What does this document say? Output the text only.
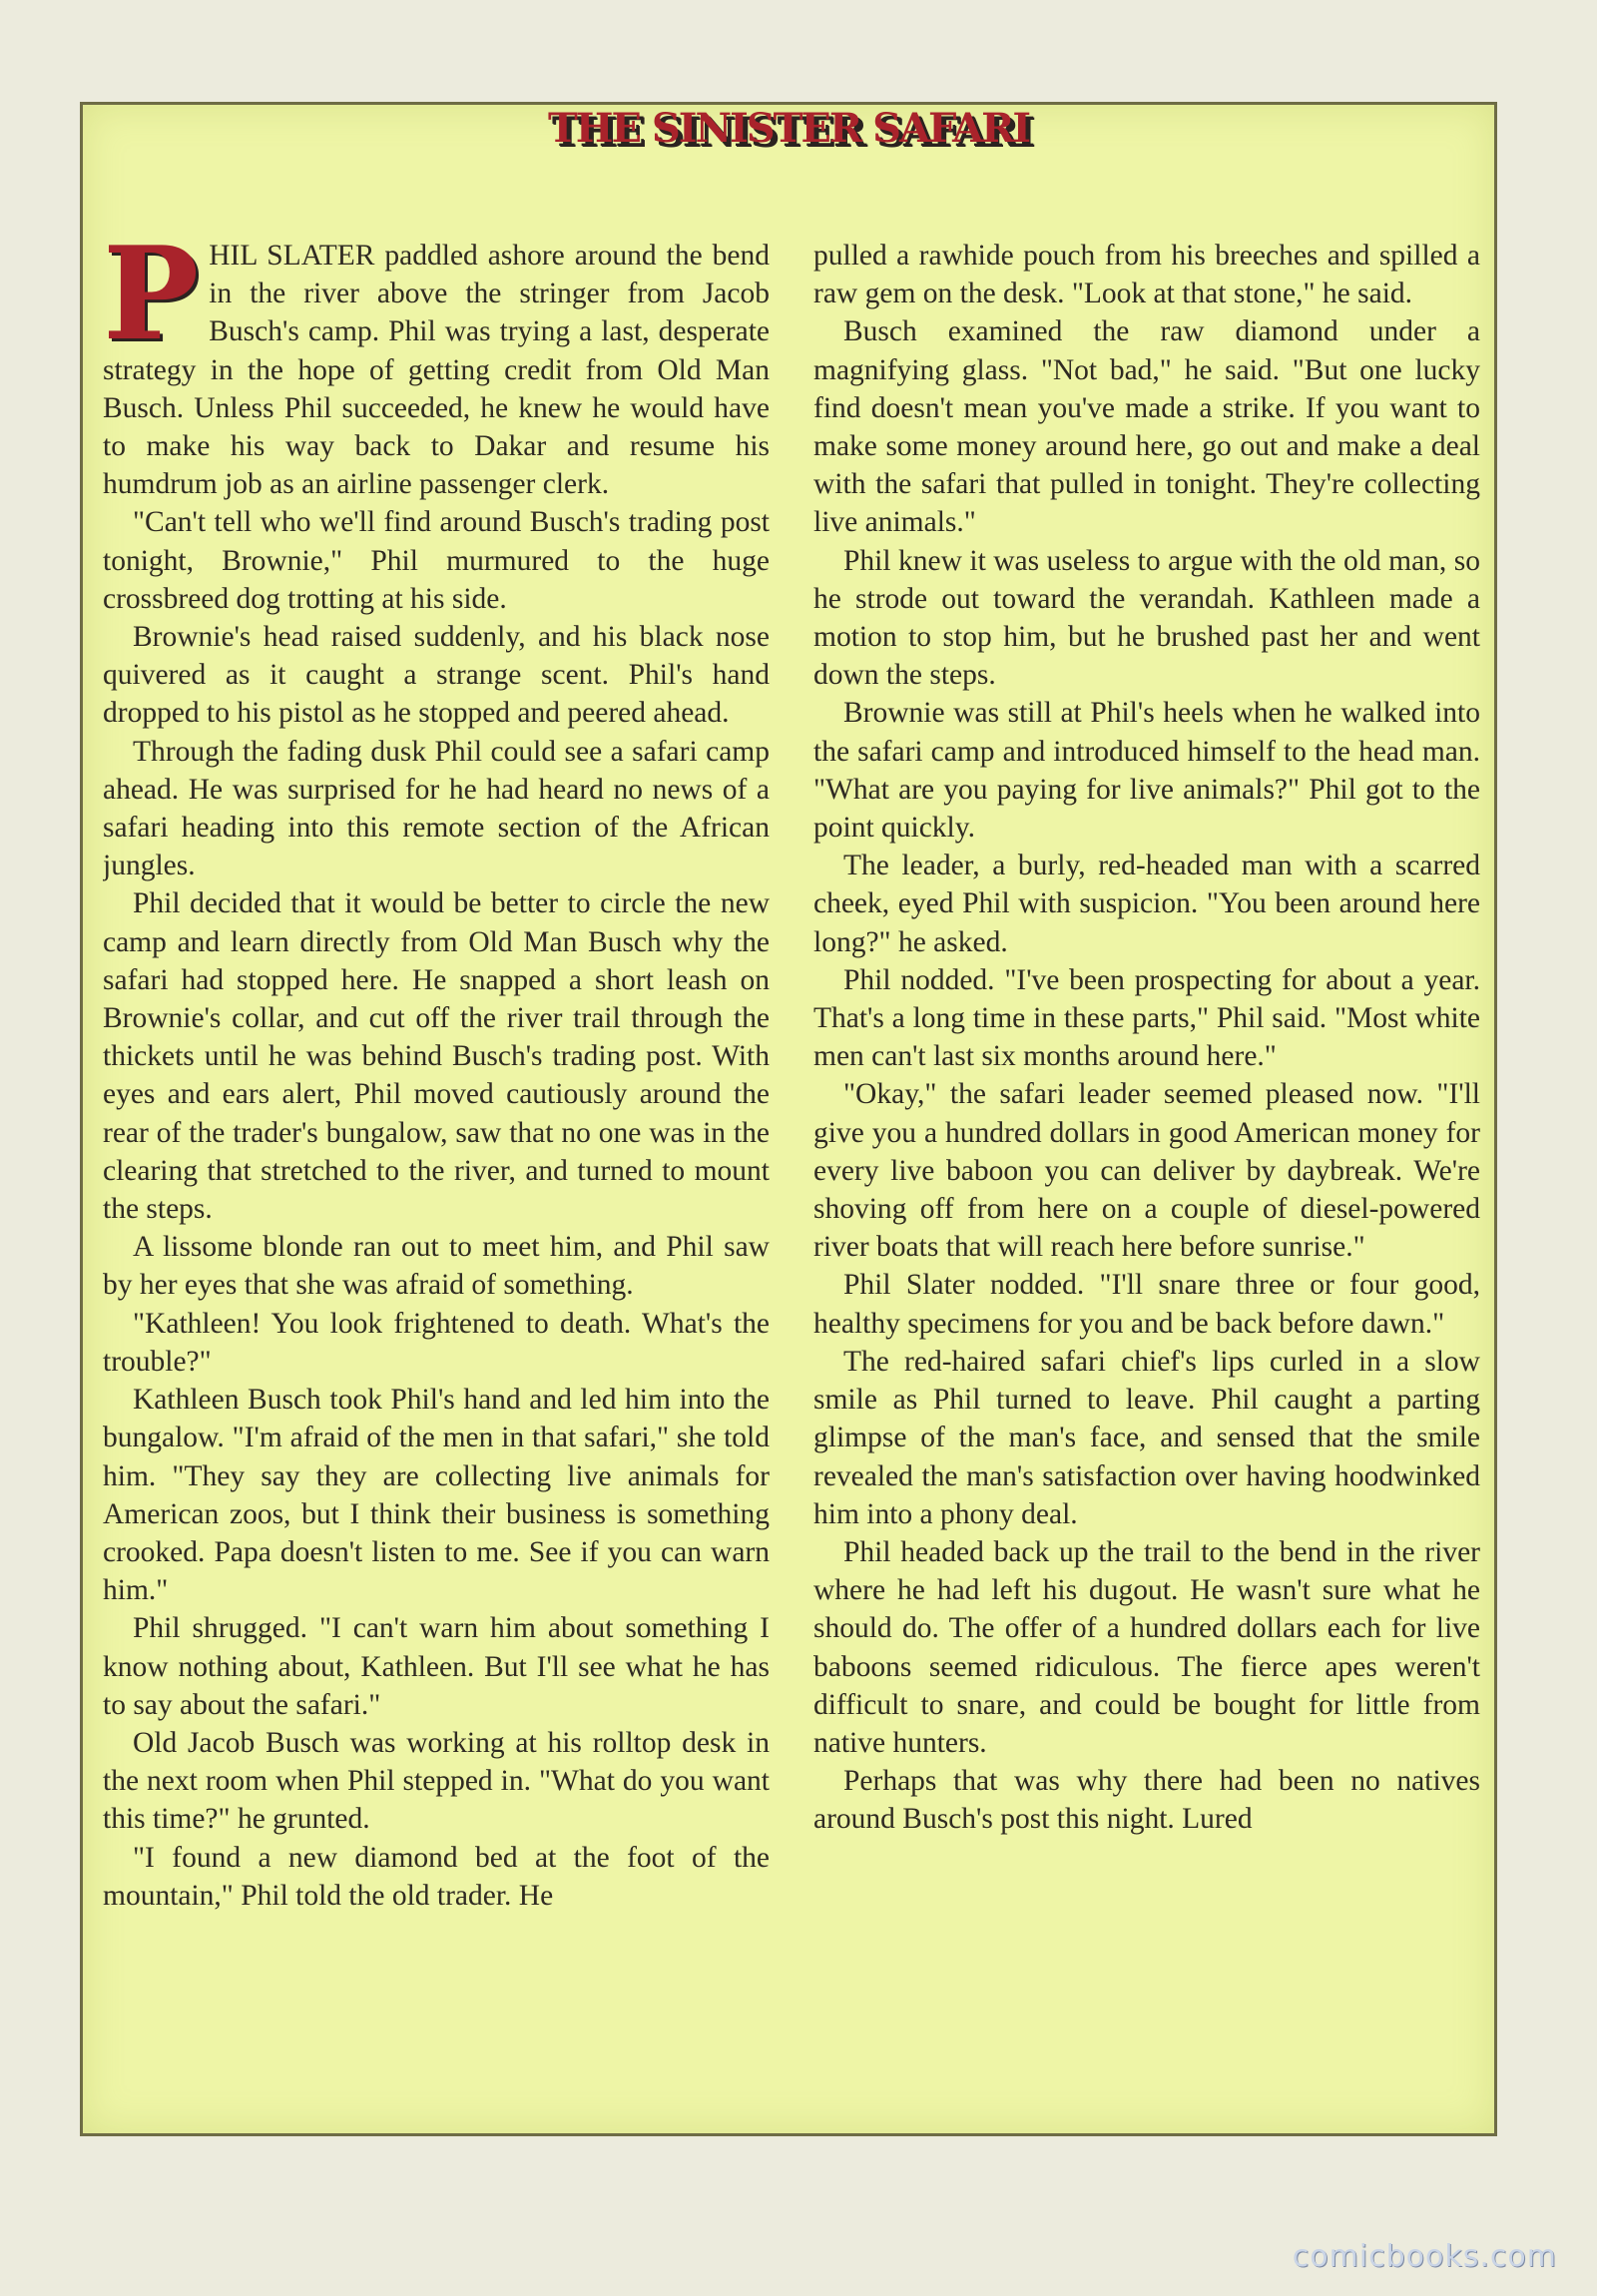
THE SINISTER SAFARI

PHIL SLATER paddled ashore around the bend in the river above the stringer from Jacob Busch's camp. Phil was trying a last, desperate strategy in the hope of getting credit from Old Man Busch. Unless Phil succeeded, he knew he would have to make his way back to Dakar and resume his humdrum job as an airline passenger clerk.

"Can't tell who we'll find around Busch's trading post tonight, Brownie," Phil murmured to the huge crossbreed dog trotting at his side.

Brownie's head raised suddenly, and his black nose quivered as it caught a strange scent. Phil's hand dropped to his pistol as he stopped and peered ahead.

Through the fading dusk Phil could see a safari camp ahead. He was surprised for he had heard no news of a safari heading into this remote section of the African jungles.

Phil decided that it would be better to circle the new camp and learn directly from Old Man Busch why the safari had stopped here. He snapped a short leash on Brownie's collar, and cut off the river trail through the thickets until he was behind Busch's trading post. With eyes and ears alert, Phil moved cautiously around the rear of the trader's bungalow, saw that no one was in the clearing that stretched to the river, and turned to mount the steps.

A lissome blonde ran out to meet him, and Phil saw by her eyes that she was afraid of something.

"Kathleen! You look frightened to death. What's the trouble?"

Kathleen Busch took Phil's hand and led him into the bungalow. "I'm afraid of the men in that safari," she told him. "They say they are collecting live animals for American zoos, but I think their business is something crooked. Papa doesn't listen to me. See if you can warn him."

Phil shrugged. "I can't warn him about something I know nothing about, Kathleen. But I'll see what he has to say about the safari."

Old Jacob Busch was working at his rolltop desk in the next room when Phil stepped in. "What do you want this time?" he grunted.

"I found a new diamond bed at the foot of the mountain," Phil told the old trader. He

pulled a rawhide pouch from his breeches and spilled a raw gem on the desk. "Look at that stone," he said.

Busch examined the raw diamond under a magnifying glass. "Not bad," he said. "But one lucky find doesn't mean you've made a strike. If you want to make some money around here, go out and make a deal with the safari that pulled in tonight. They're collecting live animals."

Phil knew it was useless to argue with the old man, so he strode out toward the verandah. Kathleen made a motion to stop him, but he brushed past her and went down the steps.

Brownie was still at Phil's heels when he walked into the safari camp and introduced himself to the head man. "What are you paying for live animals?" Phil got to the point quickly.

The leader, a burly, red-headed man with a scarred cheek, eyed Phil with suspicion. "You been around here long?" he asked.

Phil nodded. "I've been prospecting for about a year. That's a long time in these parts," Phil said. "Most white men can't last six months around here."

"Okay," the safari leader seemed pleased now. "I'll give you a hundred dollars in good American money for every live baboon you can deliver by daybreak. We're shoving off from here on a couple of diesel-powered river boats that will reach here before sunrise."

Phil Slater nodded. "I'll snare three or four good, healthy specimens for you and be back before dawn."

The red-haired safari chief's lips curled in a slow smile as Phil turned to leave. Phil caught a parting glimpse of the man's face, and sensed that the smile revealed the man's satisfaction over having hoodwinked him into a phony deal.

Phil headed back up the trail to the bend in the river where he had left his dugout. He wasn't sure what he should do. The offer of a hundred dollars each for live baboons seemed ridiculous. The fierce apes weren't difficult to snare, and could be bought for little from native hunters.

Perhaps that was why there had been no natives around Busch's post this night. Lured

comicbooks.com
